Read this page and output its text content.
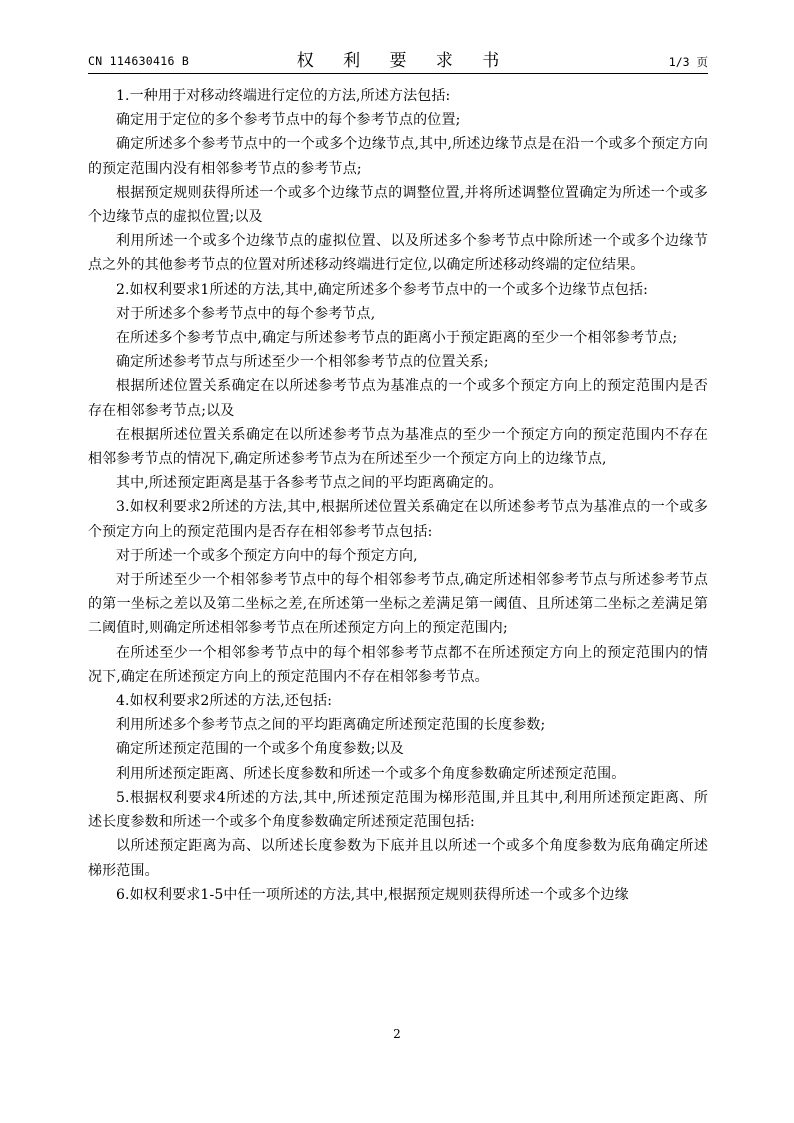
CN 114630416 B	权 利 要 求 书	1/3 页

1.一种用于对移动终端进行定位的方法,所述方法包括:

确定用于定位的多个参考节点中的每个参考节点的位置;

确定所述多个参考节点中的一个或多个边缘节点,其中,所述边缘节点是在沿一个或多个预定方向的预定范围内没有相邻参考节点的参考节点;

根据预定规则获得所述一个或多个边缘节点的调整位置,并将所述调整位置确定为所述一个或多个边缘节点的虚拟位置;以及

利用所述一个或多个边缘节点的虚拟位置、以及所述多个参考节点中除所述一个或多个边缘节点之外的其他参考节点的位置对所述移动终端进行定位,以确定所述移动终端的定位结果。

2.如权利要求1所述的方法,其中,确定所述多个参考节点中的一个或多个边缘节点包括:

对于所述多个参考节点中的每个参考节点,

在所述多个参考节点中,确定与所述参考节点的距离小于预定距离的至少一个相邻参考节点;

确定所述参考节点与所述至少一个相邻参考节点的位置关系;

根据所述位置关系确定在以所述参考节点为基准点的一个或多个预定方向上的预定范围内是否存在相邻参考节点;以及

在根据所述位置关系确定在以所述参考节点为基准点的至少一个预定方向的预定范围内不存在相邻参考节点的情况下,确定所述参考节点为在所述至少一个预定方向上的边缘节点,

其中,所述预定距离是基于各参考节点之间的平均距离确定的。

3.如权利要求2所述的方法,其中,根据所述位置关系确定在以所述参考节点为基准点的一个或多个预定方向上的预定范围内是否存在相邻参考节点包括:

对于所述一个或多个预定方向中的每个预定方向,

对于所述至少一个相邻参考节点中的每个相邻参考节点,确定所述相邻参考节点与所述参考节点的第一坐标之差以及第二坐标之差,在所述第一坐标之差满足第一阈值、且所述第二坐标之差满足第二阈值时,则确定所述相邻参考节点在所述预定方向上的预定范围内;

在所述至少一个相邻参考节点中的每个相邻参考节点都不在所述预定方向上的预定范围内的情况下,确定在所述预定方向上的预定范围内不存在相邻参考节点。

4.如权利要求2所述的方法,还包括:

利用所述多个参考节点之间的平均距离确定所述预定范围的长度参数;

确定所述预定范围的一个或多个角度参数;以及

利用所述预定距离、所述长度参数和所述一个或多个角度参数确定所述预定范围。

5.根据权利要求4所述的方法,其中,所述预定范围为梯形范围,并且其中,利用所述预定距离、所述长度参数和所述一个或多个角度参数确定所述预定范围包括:

以所述预定距离为高、以所述长度参数为下底并且以所述一个或多个角度参数为底角确定所述梯形范围。

6.如权利要求1-5中任一项所述的方法,其中,根据预定规则获得所述一个或多个边缘

2
